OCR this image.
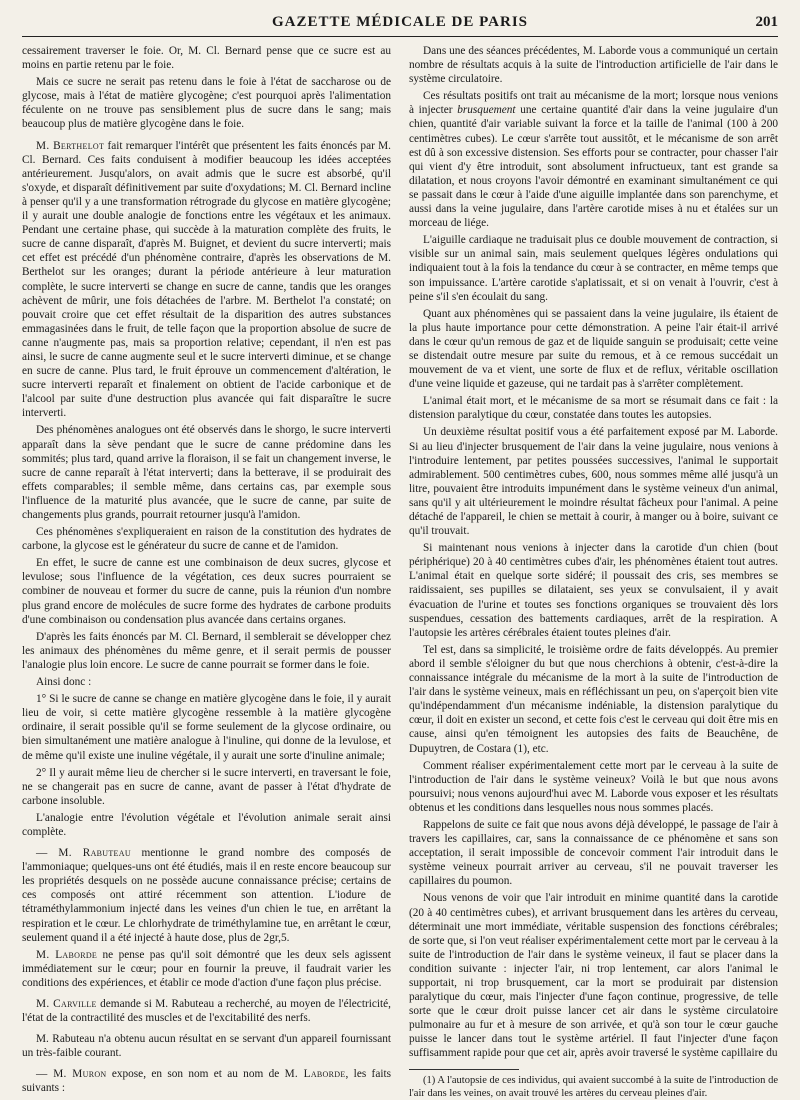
GAZETTE MÉDICALE DE PARIS	201

cessairement traverser le foie. Or, M. Cl. Bernard pense que ce sucre est au moins en partie retenu par le foie.

Mais ce sucre ne serait pas retenu dans le foie à l'état de saccharose ou de glycose, mais à l'état de matière glycogène; c'est pourquoi après l'alimentation féculente on ne trouve pas sensiblement plus de sucre dans le sang; mais beaucoup plus de matière glycogène dans le foie.

M. Berthelot fait remarquer l'intérêt que présentent les faits énoncés par M. Cl. Bernard. Ces faits conduisent à modifier beaucoup les idées acceptées antérieurement. Jusqu'alors, on avait admis que le sucre est absorbé, qu'il s'oxyde, et disparaît définitivement par suite d'oxydations; M. Cl. Bernard incline à penser qu'il y a une transformation rétrograde du glycose en matière glycogène; il y aurait une double analogie de fonctions entre les végétaux et les animaux. Pendant une certaine phase, qui succède à la maturation complète des fruits, le sucre de canne disparaît, d'après M. Buignet, et devient du sucre interverti; mais cet effet est précédé d'un phénomène contraire, d'après les observations de M. Berthelot sur les oranges; durant la période antérieure à leur maturation complète, le sucre interverti se change en sucre de canne, tandis que les oranges achèvent de mûrir, une fois détachées de l'arbre. M. Berthelot l'a constaté; on pouvait croire que cet effet résultait de la disparition des autres substances emmagasinées dans le fruit, de telle façon que la proportion absolue de sucre de canne n'augmente pas, mais sa proportion relative; cependant, il n'en est pas ainsi, le sucre de canne augmente seul et le sucre interverti diminue, et se change en sucre de canne. Plus tard, le fruit éprouve un commencement d'altération, le sucre interverti reparaît et finalement on obtient de l'acide carbonique et de l'alcool par suite d'une destruction plus avancée qui fait disparaître le sucre interverti.

Des phénomènes analogues ont été observés dans le shorgo, le sucre interverti apparaît dans la sève pendant que le sucre de canne prédomine dans les sommités; plus tard, quand arrive la floraison, il se fait un changement inverse, le sucre de canne reparaît à l'état interverti; dans la betterave, il se produirait des effets comparables; il semble même, dans certains cas, par exemple sous l'influence de la maturité plus avancée, que le sucre de canne, par suite de changements plus grands, pourrait retourner jusqu'à l'amidon.

Ces phénomènes s'expliqueraient en raison de la constitution des hydrates de carbone, la glycose est le générateur du sucre de canne et de l'amidon.

En effet, le sucre de canne est une combinaison de deux sucres, glycose et levulose; sous l'influence de la végétation, ces deux sucres pourraient se combiner de nouveau et former du sucre de canne, puis la réunion d'un nombre plus grand encore de molécules de sucre forme des hydrates de carbone produits d'une combinaison ou condensation plus avancée dans certains organes.

D'après les faits énoncés par M. Cl. Bernard, il semblerait se développer chez les animaux des phénomènes du même genre, et il serait permis de pousser l'analogie plus loin encore. Le sucre de canne pourrait se former dans le foie.

Ainsi donc :

1° Si le sucre de canne se change en matière glycogène dans le foie, il y aurait lieu de voir, si cette matière glycogène ressemble à la matière glycogène ordinaire, il serait possible qu'il se forme seulement de la glycose ordinaire, ou bien simultanément une matière analogue à l'inuline, qui donne de la levulose, et de même qu'il existe une inuline végétale, il y aurait une sorte d'inuline animale;

2° Il y aurait même lieu de chercher si le sucre interverti, en traversant le foie, ne se changerait pas en sucre de canne, avant de passer à l'état d'hydrate de carbone insoluble.

L'analogie entre l'évolution végétale et l'évolution animale serait ainsi complète.

— M. Rabuteau mentionne le grand nombre des composés de l'ammoniaque; quelques-uns ont été étudiés, mais il en reste encore beaucoup sur les propriétés desquels on ne possède aucune connaissance précise; certains de ces composés ont attiré récemment son attention. L'iodure de tétraméthylammonium injecté dans les veines d'un chien le tue, en arrêtant la respiration et le cœur. Le chlorhydrate de triméthylamine tue, en arrêtant le cœur, seulement quand il a été injecté à haute dose, plus de 2gr,5.

M. Laborde ne pense pas qu'il soit démontré que les deux sels agissent immédiatement sur le cœur; pour en fournir la preuve, il faudrait varier les conditions des expériences, et établir ce mode d'action d'une façon plus précise.

M. Carville demande si M. Rabuteau a recherché, au moyen de l'électricité, l'état de la contractilité des muscles et de l'excitabilité des nerfs.

M. Rabuteau n'a obtenu aucun résultat en se servant d'un appareil fournissant un très-faible courant.

— M. Muron expose, en son nom et au nom de M. Laborde, les faits suivants :

Dans une des séances précédentes, M. Laborde vous a communiqué un certain nombre de résultats acquis à la suite de l'introduction artificielle de l'air dans le système circulatoire.

Ces résultats positifs ont trait au mécanisme de la mort; lorsque nous venions à injecter brusquement une certaine quantité d'air dans la veine jugulaire d'un chien, quantité d'air variable suivant la force et la taille de l'animal (100 à 200 centimètres cubes). Le cœur s'arrête tout aussitôt, et le mécanisme de son arrêt est dû à son excessive distension. Ses efforts pour se contracter, pour chasser l'air qui vient d'y être introduit, sont absolument infructueux, tant est grande sa dilatation, et nous croyons l'avoir démontré en examinant simultanément ce qui se passait dans le cœur à l'aide d'une aiguille implantée dans son parenchyme, et aussi dans la veine jugulaire, dans l'artère carotide mises à nu et étalées sur un morceau de liége.

L'aiguille cardiaque ne traduisait plus ce double mouvement de contraction, si visible sur un animal sain, mais seulement quelques légères ondulations qui indiquaient tout à la fois la tendance du cœur à se contracter, en même temps que son impuissance. L'artère carotide s'aplatissait, et si on venait à l'ouvrir, c'est à peine s'il s'en écoulait du sang.

Quant aux phénomènes qui se passaient dans la veine jugulaire, ils étaient de la plus haute importance pour cette démonstration. A peine l'air était-il arrivé dans le cœur qu'un remous de gaz et de liquide sanguin se produisait; cette veine se distendait outre mesure par suite du remous, et à ce remous succédait un mouvement de va et vient, une sorte de flux et de reflux, véritable oscillation d'une veine liquide et gazeuse, qui ne tardait pas à s'arrêter complètement.

L'animal était mort, et le mécanisme de sa mort se résumait dans ce fait : la distension paralytique du cœur, constatée dans toutes les autopsies.

Un deuxième résultat positif vous a été parfaitement exposé par M. Laborde. Si au lieu d'injecter brusquement de l'air dans la veine jugulaire, nous venions à l'introduire lentement, par petites poussées successives, l'animal le supportait admirablement. 500 centimètres cubes, 600, nous sommes même allé jusqu'à un litre, pouvaient être introduits impunément dans le système veineux d'un animal, sans qu'il y ait ultérieurement le moindre résultat fâcheux pour l'animal. A peine détaché de l'appareil, le chien se mettait à courir, à manger ou à boire, suivant ce qu'il trouvait.

Si maintenant nous venions à injecter dans la carotide d'un chien (bout périphérique) 20 à 40 centimètres cubes d'air, les phénomènes étaient tout autres. L'animal était en quelque sorte sidéré; il poussait des cris, ses membres se raidissaient, ses pupilles se dilataient, ses yeux se convulsaient, il y avait évacuation de l'urine et toutes ses fonctions organiques se trouvaient dès lors suspendues, cessation des battements cardiaques, arrêt de la respiration. A l'autopsie les artères cérébrales étaient toutes pleines d'air.

Tel est, dans sa simplicité, le troisième ordre de faits développés. Au premier abord il semble s'éloigner du but que nous cherchions à obtenir, c'est-à-dire la connaissance intégrale du mécanisme de la mort à la suite de l'introduction de l'air dans le système veineux, mais en réfléchissant un peu, on s'aperçoit bien vite qu'indépendamment d'un mécanisme indéniable, la distension paralytique du cœur, il doit en exister un second, et cette fois c'est le cerveau qui doit être mis en cause, ainsi qu'en témoignent les autopsies des faits de Beauchêne, de Dupuytren, de Costara (1), etc.

Comment réaliser expérimentalement cette mort par le cerveau à la suite de l'introduction de l'air dans le système veineux? Voilà le but que nous avons poursuivi; nous venons aujourd'hui avec M. Laborde vous exposer et les résultats obtenus et les conditions dans lesquelles nous nous sommes placés.

Rappelons de suite ce fait que nous avons déjà développé, le passage de l'air à travers les capillaires, car, sans la connaissance de ce phénomène et sans son acceptation, il serait impossible de concevoir comment l'air introduit dans le système veineux pourrait arriver au cerveau, s'il ne pouvait traverser les capillaires du poumon.

Nous venons de voir que l'air introduit en minime quantité dans la carotide (20 à 40 centimètres cubes), et arrivant brusquement dans les artères du cerveau, déterminait une mort immédiate, véritable suspension des fonctions cérébrales; de sorte que, si l'on veut réaliser expérimentalement cette mort par le cerveau à la suite de l'introduction de l'air dans le système veineux, il faut se placer dans la condition suivante : injecter l'air, ni trop lentement, car alors l'animal le supportait, ni trop brusquement, car la mort se produirait par distension paralytique du cœur, mais l'injecter d'une façon continue, progressive, de telle sorte que le cœur droit puisse lancer cet air dans le système circulatoire pulmonaire au fur et à mesure de son arrivée, et qu'à son tour le cœur gauche puisse le lancer dans tout le système artériel. Il faut l'injecter d'une façon suffisamment rapide pour que cet air, après avoir traversé le système capillaire du

(1) A l'autopsie de ces individus, qui avaient succombé à la suite de l'introduction de l'air dans les veines, on avait trouvé les artères du cerveau pleines d'air.
